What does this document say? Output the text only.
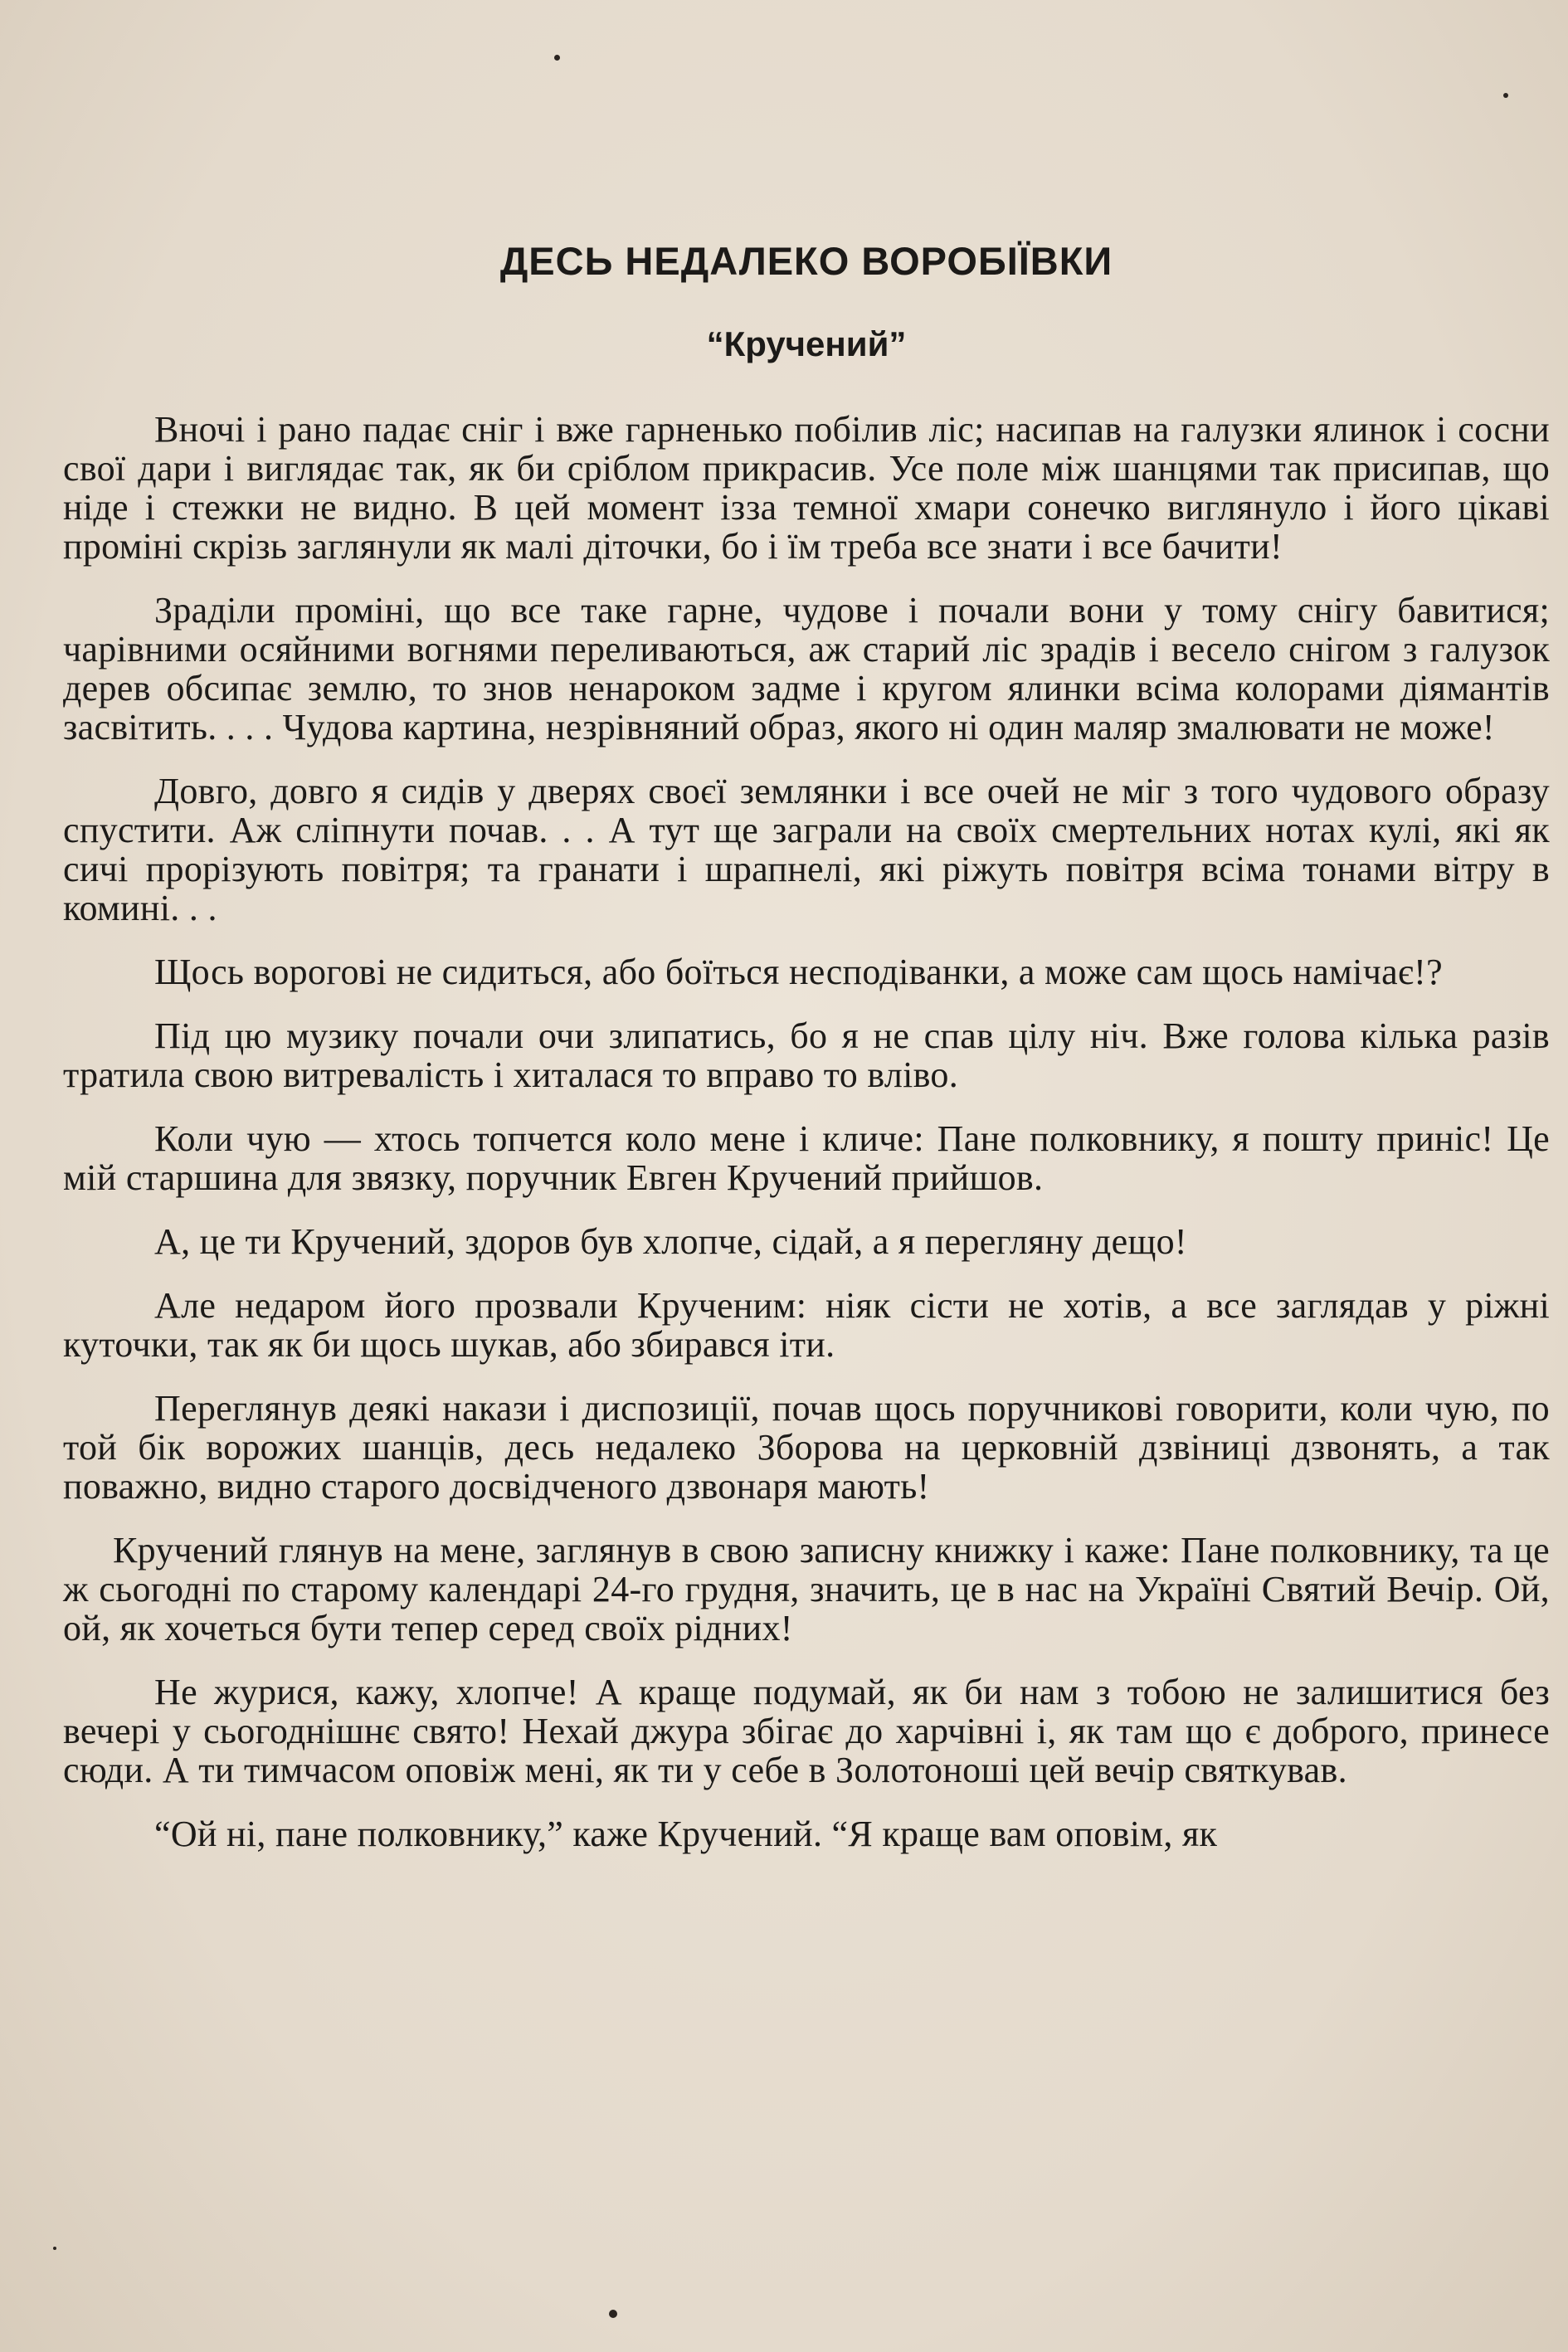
ДЕСЬ НЕДАЛЕКО ВОРОБІЇВКИ
“Кручений”

Вночі і рано падає сніг і вже гарненько побілив ліс; насипав на галузки ялинок і сосни свої дари і виглядає так, як би сріблом прикрасив. Усе поле між шанцями так присипав, що ніде і стежки не видно. В цей момент ізза темної хмари сонечко виглянуло і його цікаві проміні скрізь заглянули як малі діточки, бо і їм треба все знати і все бачити!

Зраділи проміні, що все таке гарне, чудове і почали вони у тому снігу бавитися; чарівними осяйними вогнями переливаються, аж старий ліс зрадів і весело снігом з галузок дерев обсипає землю, то знов ненароком задме і кругом ялинки всіма колорами діямантів засвітить. . . . Чудова картина, незрівняний образ, якого ні один маляр змалювати не може!

Довго, довго я сидів у дверях своєї землянки і все очей не міг з того чудового образу спустити. Аж сліпнути почав. . . А тут ще заграли на своїх смертельних нотах кулі, які як сичі прорізують повітря; та гранати і шрапнелі, які ріжуть повітря всіма тонами вітру в комині. . .

Щось ворогові не сидиться, або боїться несподіванки, а може сам щось намічає!?

Під цю музику почали очи злипатись, бо я не спав цілу ніч. Вже голова кілька разів тратила свою витревалість і хиталася то вправо то вліво.

Коли чую — хтось топчется коло мене і кличе: Пане полковнику, я пошту приніс! Це мій старшина для звязку, поручник Евген Кручений прийшов.

А, це ти Кручений, здоров був хлопче, сідай, а я перегляну дещо!

Але недаром його прозвали Крученим: ніяк сісти не хотів, а все заглядав у ріжні куточки, так як би щось шукав, або збирався іти.

Переглянув деякі накази і диспозиції, почав щось поручникові говорити, коли чую, по той бік ворожих шанців, десь недалеко Зборова на церковній дзвіниці дзвонять, а так поважно, видно старого досвідченого дзвонаря мають!

Кручений глянув на мене, заглянув в свою записну книжку і каже: Пане полковнику, та це ж сьогодні по старому календарі 24-го грудня, значить, це в нас на Україні Святий Вечір. Ой, ой, як хочеться бути тепер серед своїх рідних!

Не журися, кажу, хлопче! А краще подумай, як би нам з тобою не залишитися без вечері у сьогоднішнє свято! Нехай джура збігає до харчівні і, як там що є доброго, принесе сюди. А ти тимчасом оповіж мені, як ти у себе в Золотоноші цей вечір святкував.

“Ой ні, пане полковнику,” каже Кручений. “Я краще вам оповім, як
